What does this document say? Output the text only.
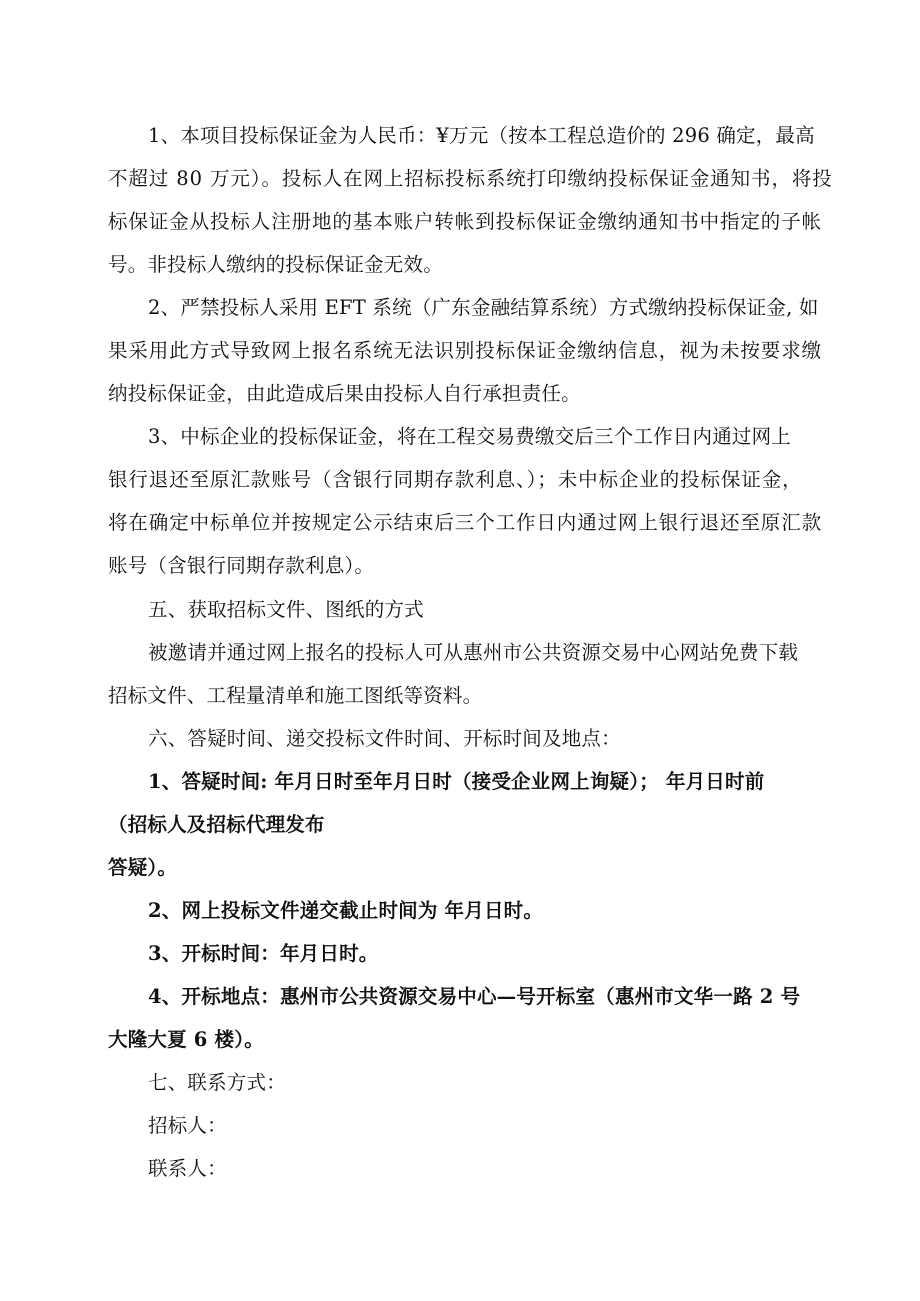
1、本项目投标保证金为人民币：¥万元（按本工程总造价的 296 确定，最高
不超过 80 万元）。投标人在网上招标投标系统打印缴纳投标保证金通知书，将投
标保证金从投标人注册地的基本账户转帐到投标保证金缴纳通知书中指定的子帐
号。非投标人缴纳的投标保证金无效。
2、严禁投标人采用 EFT 系统（广东金融结算系统）方式缴纳投标保证金, 如
果采用此方式导致网上报名系统无法识别投标保证金缴纳信息，视为未按要求缴
纳投标保证金，由此造成后果由投标人自行承担责任。
3、中标企业的投标保证金，将在工程交易费缴交后三个工作日内通过网上
银行退还至原汇款账号（含银行同期存款利息、）；未中标企业的投标保证金，
将在确定中标单位并按规定公示结束后三个工作日内通过网上银行退还至原汇款
账号（含银行同期存款利息）。
五、获取招标文件、图纸的方式
被邀请并通过网上报名的投标人可从惠州市公共资源交易中心网站免费下载
招标文件、工程量清单和施工图纸等资料。
六、答疑时间、递交投标文件时间、开标时间及地点：
1、答疑时间: 年月日时至年月日时（接受企业网上询疑）； 年月日时前
（招标人及招标代理发布
答疑）。
2、网上投标文件递交截止时间为 年月日时。
3、开标时间：年月日时。
4、开标地点：惠州市公共资源交易中心—号开标室（惠州市文华一路 2 号
大隆大夏 6 楼）。
七、联系方式：
招标人：
联系人：
